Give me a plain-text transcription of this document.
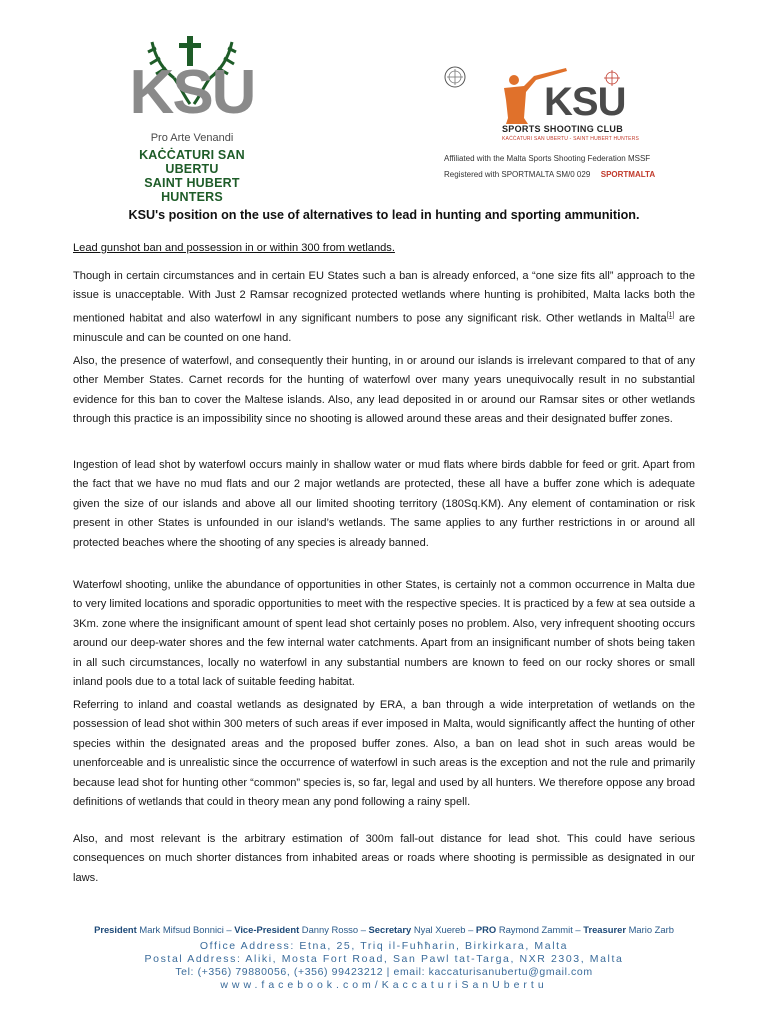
KSU
Pro Arte Venandi
KAĊĊATURI SAN UBERTU
SAINT HUBERT HUNTERS
KSU
SPORTS SHOOTING CLUB
KAĊĊATURI SAN UBERTU - SAINT HUBERT HUNTERS
Affiliated with the Malta Sports Shooting Federation MSSF
Registered with SPORTMALTA SM/0 029 SPORTMALTA
KSU's position on the use of alternatives to lead in hunting and sporting ammunition.
Lead gunshot ban and possession in or within 300 from wetlands.
Though in certain circumstances and in certain EU States such a ban is already enforced, a “one size fits all” approach to the issue is unacceptable. With Just 2 Ramsar recognized protected wetlands where hunting is prohibited, Malta lacks both the mentioned habitat and also waterfowl in any significant numbers to pose any significant risk. Other wetlands in Malta[1] are minuscule and can be counted on one hand.
Also, the presence of waterfowl, and consequently their hunting, in or around our islands is irrelevant compared to that of any other Member States. Carnet records for the hunting of waterfowl over many years unequivocally result in no substantial evidence for this ban to cover the Maltese islands. Also, any lead deposited in or around our Ramsar sites or other wetlands through this practice is an impossibility since no shooting is allowed around these areas and their designated buffer zones.
Ingestion of lead shot by waterfowl occurs mainly in shallow water or mud flats where birds dabble for feed or grit. Apart from the fact that we have no mud flats and our 2 major wetlands are protected, these all have a buffer zone which is adequate given the size of our islands and above all our limited shooting territory (180Sq.KM). Any element of contamination or risk present in other States is unfounded in our island’s wetlands. The same applies to any further restrictions in or around all protected beaches where the shooting of any species is already banned.
Waterfowl shooting, unlike the abundance of opportunities in other States, is certainly not a common occurrence in Malta due to very limited locations and sporadic opportunities to meet with the respective species. It is practiced by a few at sea outside a 3Km. zone where the insignificant amount of spent lead shot certainly poses no problem. Also, very infrequent shooting occurs around our deep-water shores and the few internal water catchments. Apart from an insignificant number of shots being taken in all such circumstances, locally no waterfowl in any substantial numbers are known to feed on our rocky shores or small inland pools due to a total lack of suitable feeding habitat.
Referring to inland and coastal wetlands as designated by ERA, a ban through a wide interpretation of wetlands on the possession of lead shot within 300 meters of such areas if ever imposed in Malta, would significantly affect the hunting of other species within the designated areas and the proposed buffer zones. Also, a ban on lead shot in such areas would be unenforceable and is unrealistic since the occurrence of waterfowl in such areas is the exception and not the rule and primarily because lead shot for hunting other “common” species is, so far, legal and used by all hunters. We therefore oppose any broad definitions of wetlands that could in theory mean any pond following a rainy spell.
Also, and most relevant is the arbitrary estimation of 300m fall-out distance for lead shot. This could have serious consequences on much shorter distances from inhabited areas or roads where shooting is permissible as designated in our laws.
President Mark Mifsud Bonnici – Vice-President Danny Rosso – Secretary Nyal Xuereb – PRO Raymond Zammit – Treasurer Mario Zarb
Office Address: Etna, 25, Triq il-Fuħħarin, Birkirkara, Malta
Postal Address: Aliki, Mosta Fort Road, San Pawl tat-Targa, NXR 2303, Malta
Tel: (+356) 79880056, (+356) 99423212 | email: kaccaturisanubertu@gmail.com
www.facebook.com/KaccaturiSanUbertu
